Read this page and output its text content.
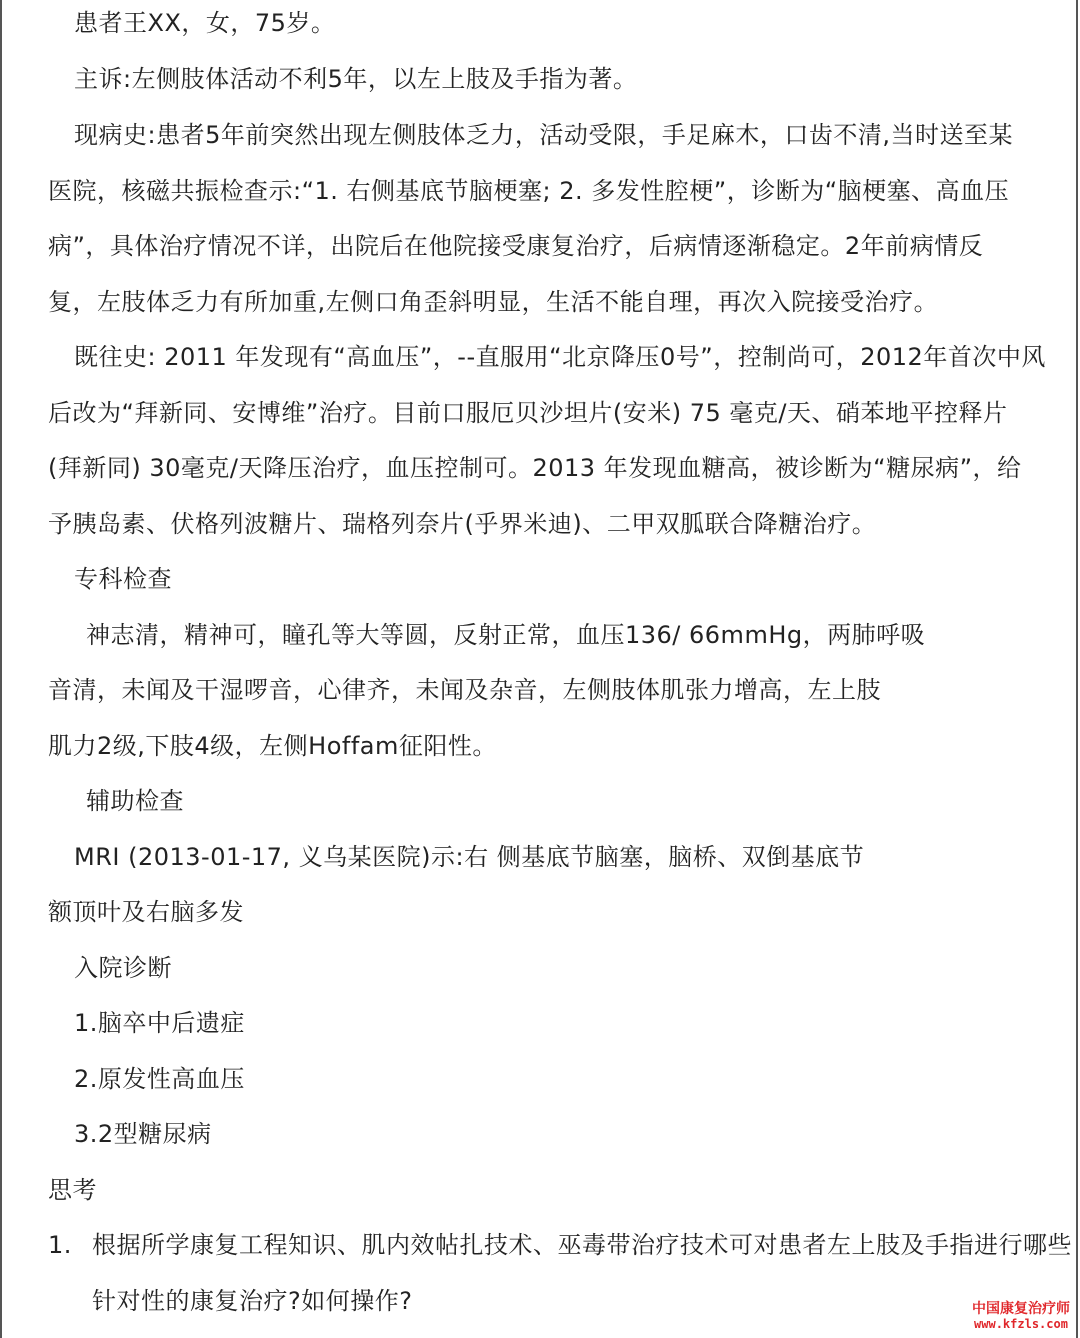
患者王XX，女，75岁。
主诉:左侧肢体活动不利5年，以左上肢及手指为著。
现病史:患者5年前突然出现左侧肢体乏力，活动受限，手足麻木，口齿不清,当时送至某
医院，核磁共振检查示:“1. 右侧基底节脑梗塞; 2. 多发性腔梗”，诊断为“脑梗塞、高血压
病”，具体治疗情况不详，出院后在他院接受康复治疗，后病情逐渐稳定。2年前病情反
复，左肢体乏力有所加重,左侧口角歪斜明显，生活不能自理，再次入院接受治疗。
既往史: 2011 年发现有“高血压”，--直服用“北京降压0号”，控制尚可，2012年首次中风
后改为“拜新同、安博维”治疗。目前口服厄贝沙坦片(安米) 75 毫克/天、硝苯地平控释片
(拜新同) 30毫克/天降压治疗，血压控制可。2013 年发现血糖高，被诊断为“糖尿病”，给
予胰岛素、伏格列波糖片、瑞格列奈片(乎界米迪)、二甲双胍联合降糖治疗。
专科检查
神志清，精神可，瞳孔等大等圆，反射正常，血压136/ 66mmHg，两肺呼吸
音清，未闻及干湿啰音，心律齐，未闻及杂音，左侧肢体肌张力增高，左上肢
肌力2级,下肢4级，左侧Hoffam征阳性。
辅助检查
MRI (2013-01-17, 义乌某医院)示:右 侧基底节脑塞，脑桥、双倒基底节
额顶叶及右脑多发
入院诊断
1.脑卒中后遗症
2.原发性高血压
3.2型糖尿病
思考
1. 根据所学康复工程知识、肌内效帖扎技术、巫毒带治疗技术可对患者左上肢及手指进行哪些
针对性的康复治疗?如何操作?	中国康复治疗师
www.kfzls.com
